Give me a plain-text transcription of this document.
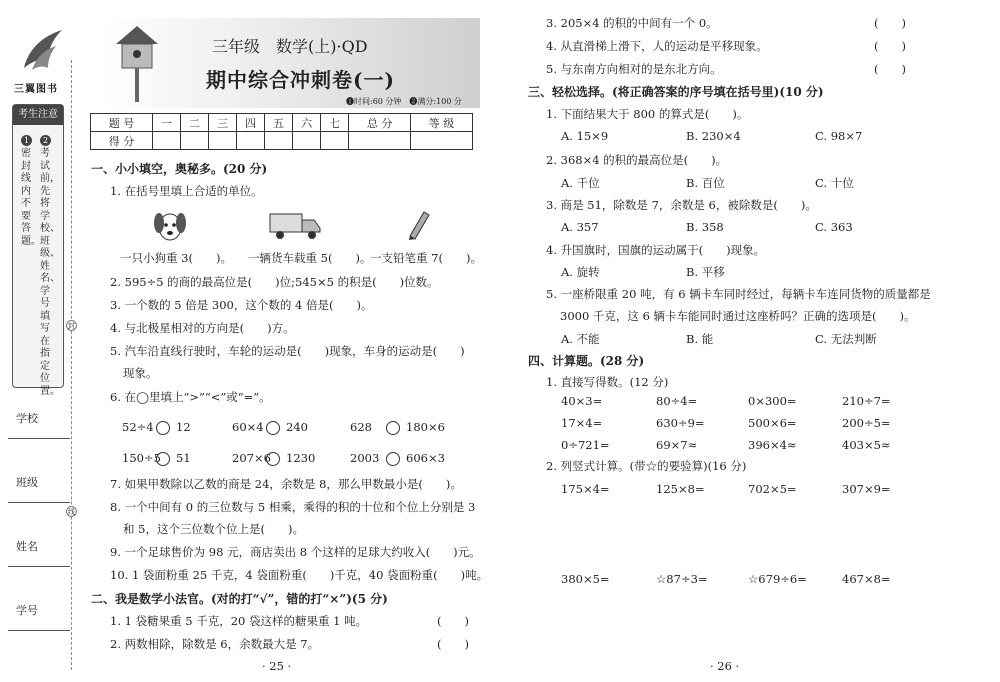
三翼图书
考生注意
1密封线内不要答题。
2考试前，先将学校、班级、姓名、学号填写在指定位置。
封
线
学校
班级
姓名
学号
三年级　数学(上)·QD
期中综合冲刺卷(一)
❶时间:60 分钟　 ❷满分:100 分
题 号	一	二	三	四	五	六	七	总 分	等 级
得 分									
一、小小填空，奥秘多。(20 分)
1. 在括号里填上合适的单位。
一只小狗重 3(　　)。 一辆货车载重 5(　　)。
一支铅笔重 7(　　)。
2. 595÷5 的商的最高位是(　　)位;545×5 的积是(　　)位数。
3. 一个数的 5 倍是 300，这个数的 4 倍是(　　)。
4. 与北极星相对的方向是(　　)方。
5. 汽车沿直线行驶时，车轮的运动是(　　)现象，车身的运动是(　　)
现象。
6. 在◯里填上“>”“<”或“=”。
7. 如果甲数除以乙数的商是 24，余数是 8，那么甲数最小是(　　)。
8. 一个中间有 0 的三位数与 5 相乘，乘得的积的十位和个位上分别是 3
和 5，这个三位数个位上是(　　)。
9. 一个足球售价为 98 元，商店卖出 8 个这样的足球大约收入(　　)元。
10. 1 袋面粉重 25 千克，4 袋面粉重(　　)千克，40 袋面粉重(　　)吨。
二、我是数学小法官。(对的打“√”，错的打“×”)(5 分)
1. 1 袋糖果重 5 千克，20 袋这样的糖果重 1 吨。	(　　)
2. 两数相除，除数是 6，余数最大是 7。	(　　)
· 25 ·
3. 205×4 的积的中间有一个 0。	(　　)
4. 从直滑梯上滑下，人的运动是平移现象。	(　　)
5. 与东南方向相对的是东北方向。	(　　)
三、轻松选择。(将正确答案的序号填在括号里)(10 分)
1. 下面结果大于 800 的算式是(　　)。
2. 368×4 的积的最高位是(　　)。
3. 商是 51，除数是 7，余数是 6，被除数是(　　)。
4. 升国旗时，国旗的运动属于(　　)现象。
5. 一座桥限重 20 吨，有 6 辆卡车同时经过，每辆卡车连同货物的质量都是
3000 千克，这 6 辆卡车能同时通过这座桥吗？正确的选项是(　　)。
四、计算题。(28 分)
1. 直接写得数。(12 分)
2. 列竖式计算。(带☆的要验算)(16 分)
· 26 ·
52÷4 12	60×4 240	628	180×6
150÷5 51	207×6 1230	2003 606×3
A. 15×9	B. 230×4	C. 98×7
A. 千位	B. 百位	C. 十位
A. 357	B. 358	C. 363
A. 旋转	B. 平移
A. 不能	B. 能	C. 无法判断
40×3=	80÷4=	0×300=	210÷7=
17×4=	630÷9=	500×6=	200÷5=
0÷721=	69×7≈	396×4≈	403×5≈
175×4=	125×8=	702×5=	307×9=
380×5=	☆87÷3=	☆679÷6=	467×8=
